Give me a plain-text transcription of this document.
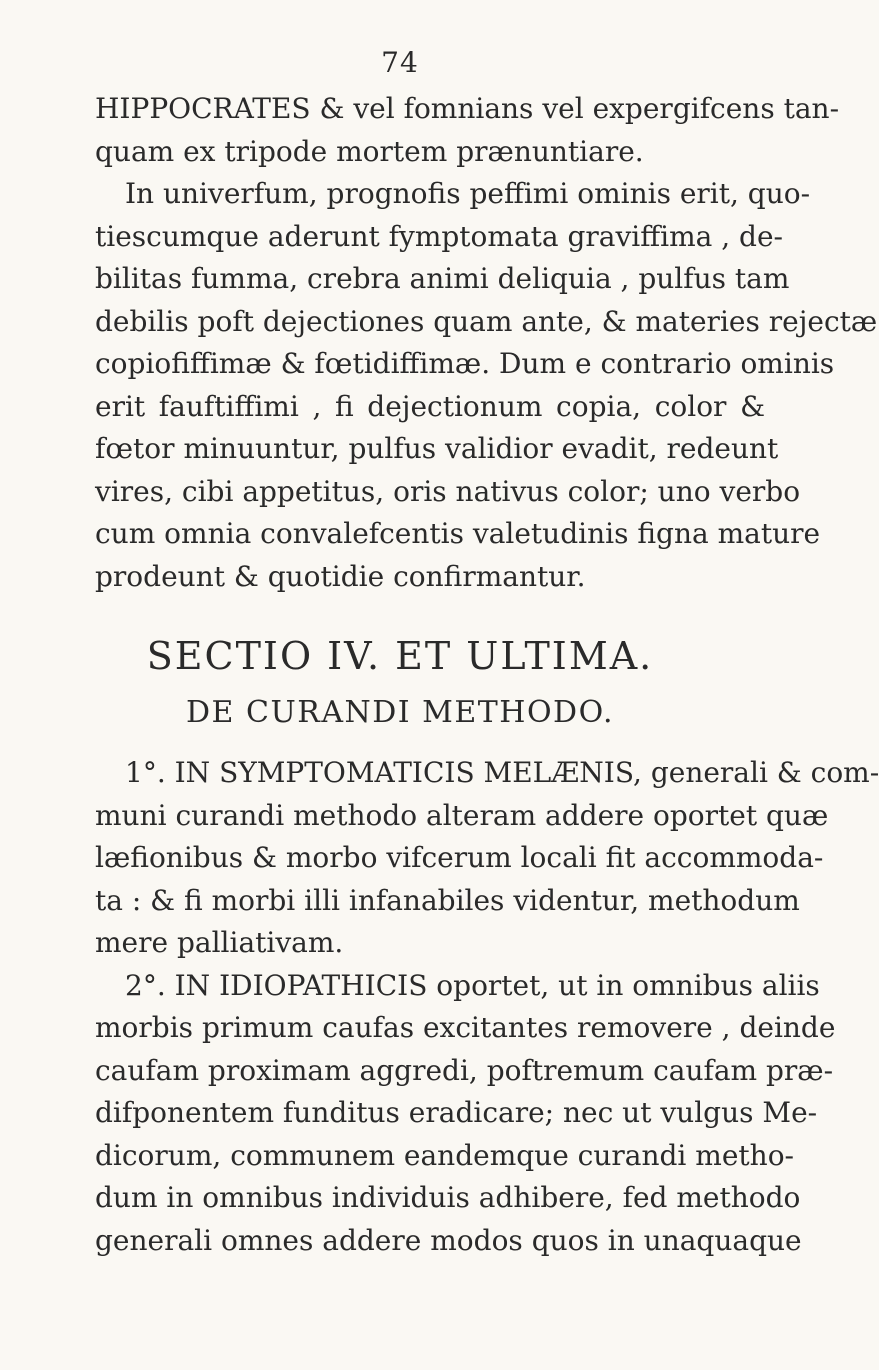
74
HIPPOCRATES & vel fomnians vel expergifcens tan-
quam ex tripode mortem prænuntiare.
In univerfum, prognofis peffimi ominis erit, quo-
tiescumque aderunt fymptomata graviffima , de-
bilitas fumma, crebra animi deliquia , pulfus tam
debilis poft dejectiones quam ante, & materies rejectæ
copiofiffimæ & fœtidiffimæ. Dum e contrario ominis
erit fauftiffimi , fi dejectionum copia, color &
fœtor minuuntur, pulfus validior evadit, redeunt
vires, cibi appetitus, oris nativus color; uno verbo
cum omnia convalefcentis valetudinis figna mature
prodeunt & quotidie confirmantur.
SECTIO IV. ET ULTIMA.
DE CURANDI METHODO.
1°. IN SYMPTOMATICIS MELÆNIS, generali & com-
muni curandi methodo alteram addere oportet quæ
læfionibus & morbo vifcerum locali fit accommoda-
ta : & fi morbi illi infanabiles videntur, methodum
mere palliativam.
2°. IN IDIOPATHICIS oportet, ut in omnibus aliis
morbis primum caufas excitantes removere , deinde
caufam proximam aggredi, poftremum caufam præ-
difponentem funditus eradicare; nec ut vulgus Me-
dicorum, communem eandemque curandi metho-
dum in omnibus individuis adhibere, fed methodo
generali omnes addere modos quos in unaquaque
